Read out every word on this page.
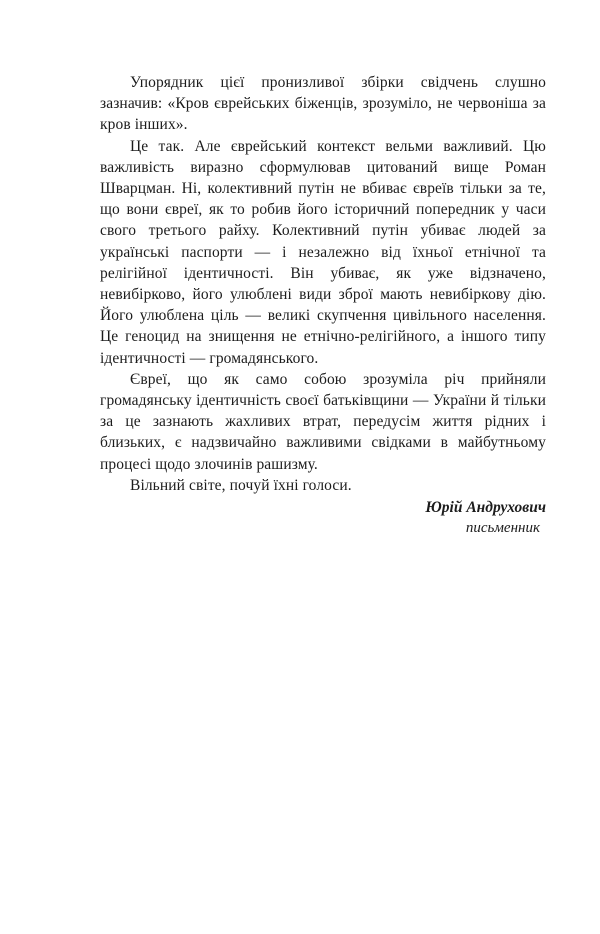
Упорядник цієї пронизливої збірки свідчень слушно зазначив: «Кров єврейських біженців, зрозуміло, не червоніша за кров інших».

Це так. Але єврейський контекст вельми важливий. Цю важливість виразно сформулював цитований вище Роман Шварцман. Ні, колективний путін не вбиває євреїв тільки за те, що вони євреї, як то робив його історичний попередник у часи свого третього райху. Колективний путін убиває людей за українські паспорти — і незалежно від їхньої етнічної та релігійної ідентичності. Він убиває, як уже відзначено, невибірково, його улюблені види зброї мають невибіркову дію. Його улюблена ціль — великі скупчення цивільного населення. Це геноцид на знищення не етнічно-релігійного, а іншого типу ідентичності — громадянського.

Євреї, що як само собою зрозуміла річ прийняли громадянську ідентичність своєї батьківщини — України й тільки за це зазнають жахливих втрат, передусім життя рідних і близьких, є надзвичайно важливими свідками в майбутньому процесі щодо злочинів рашизму.

Вільний світе, почуй їхні голоси.

Юрій Андрухович
письменник
